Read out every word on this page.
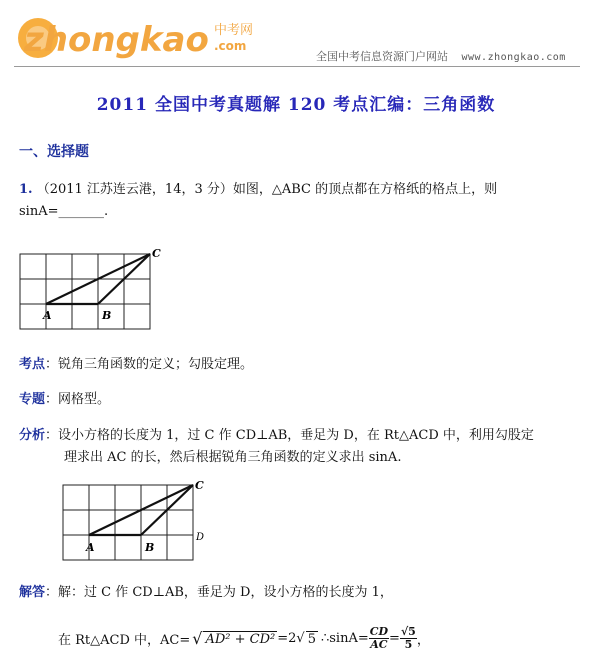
zhongkao 中考网
.com
全国中考信息资源门户网站 www.zhongkao.com
2011 全国中考真题解 120 考点汇编：三角函数
一、选择题
1. （2011 江苏连云港，14，3 分）如图，△ABC 的顶点都在方格纸的格点上，则
sinA=_______.
A	B
C
考点：锐角三角函数的定义；勾股定理。
专题：网格型。
分析：设小方格的长度为 1，过 C 作 CD⊥AB，垂足为 D，在 Rt△ACD 中，利用勾股定
理求出 AC 的长，然后根据锐角三角函数的定义求出 sinA.
A	B
C
D
解答：解：过 C 作 CD⊥AB，垂足为 D，设小方格的长度为 1，
在 Rt△ACD 中，AC= √ AD² + CD² =2 √ 5 ∴sinA= $\frac{CD}{AC} = \frac{√5}{5}$ ，
